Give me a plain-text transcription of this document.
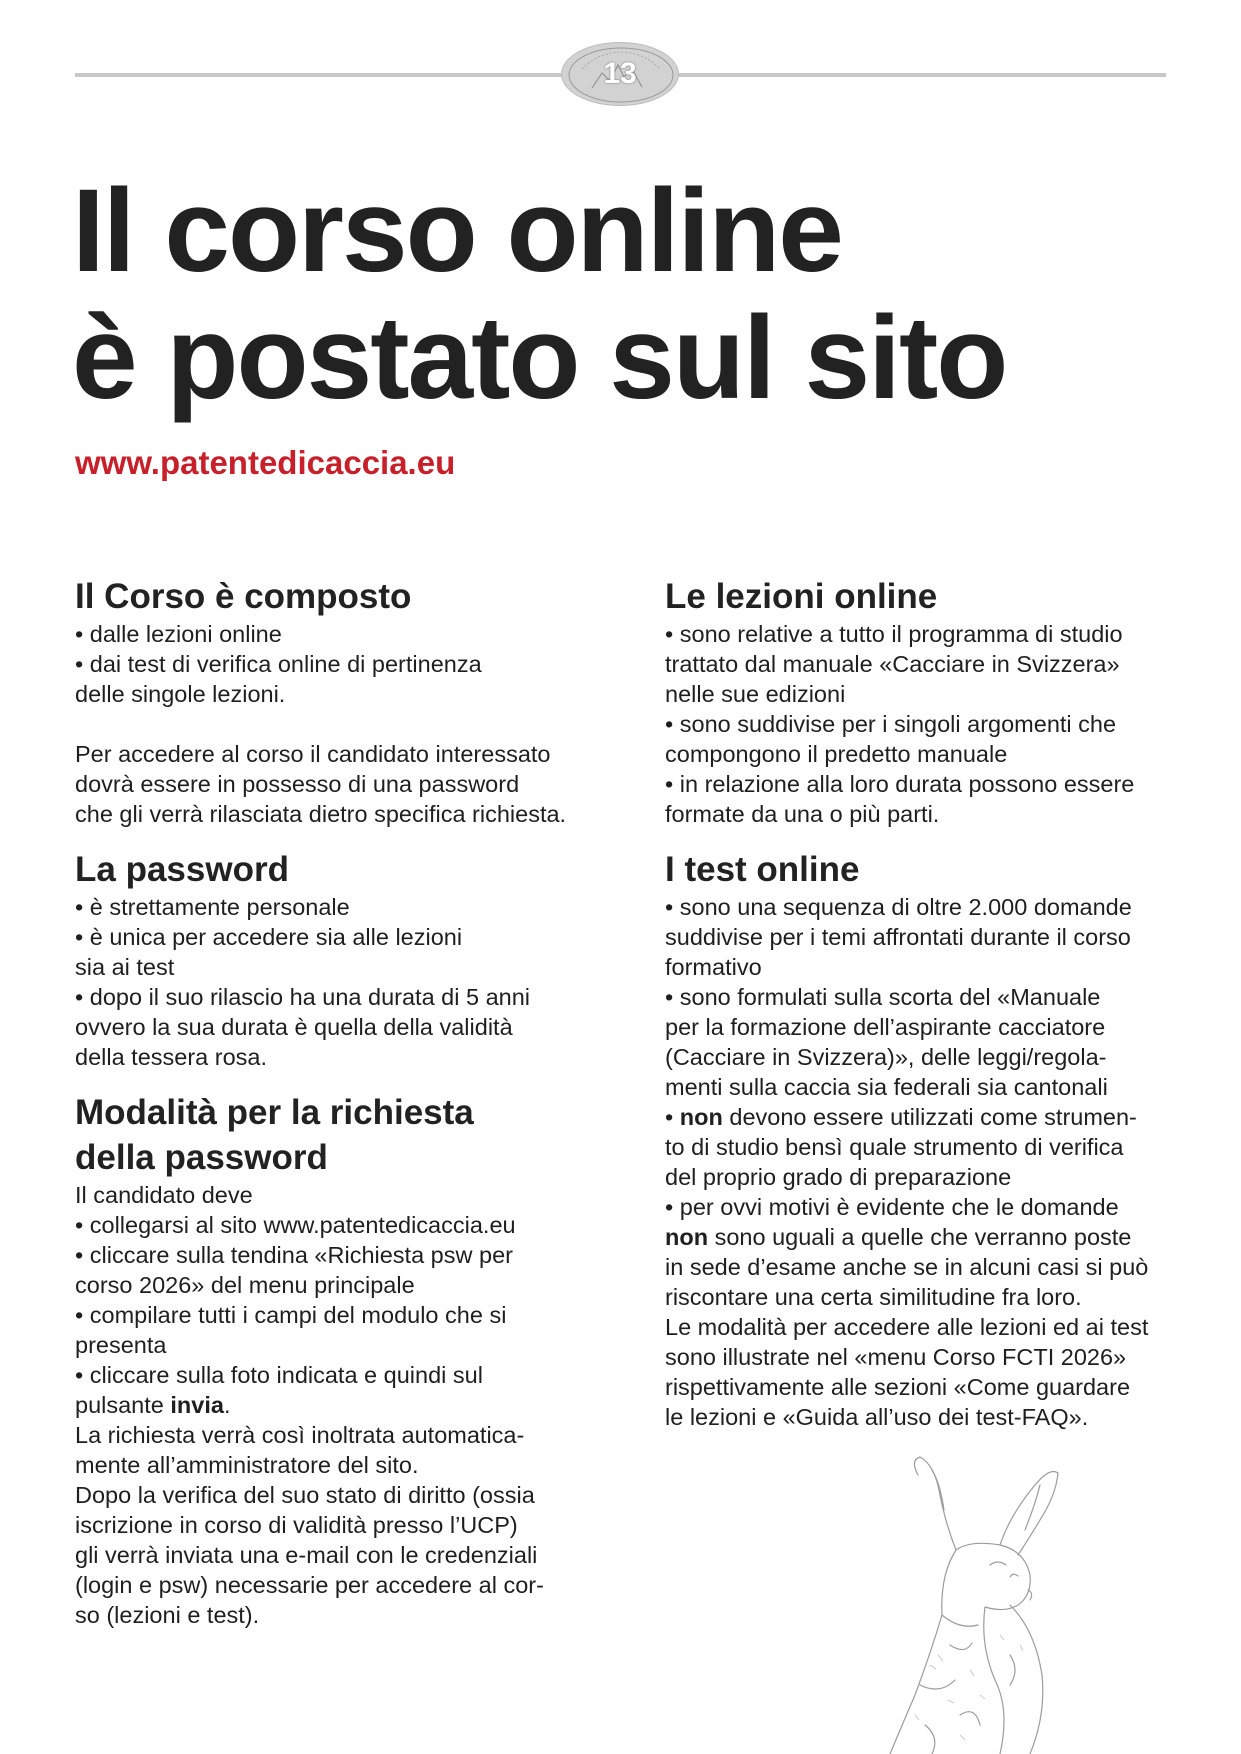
13
Il corso online
è postato sul sito
www.patentedicaccia.eu
Il Corso è composto
• dalle lezioni online
• dai test di verifica online di pertinenza
delle singole lezioni.
Per accedere al corso il candidato interessato
dovrà essere in possesso di una password
che gli verrà rilasciata dietro specifica richiesta.
La password
• è strettamente personale
• è unica per accedere sia alle lezioni
sia ai test
• dopo il suo rilascio ha una durata di 5 anni
ovvero la sua durata è quella della validità
della tessera rosa.
Modalità per la richiesta
della password
Il candidato deve
• collegarsi al sito www.patentedicaccia.eu
• cliccare sulla tendina «Richiesta psw per
corso 2026» del menu principale
• compilare tutti i campi del modulo che si
presenta
• cliccare sulla foto indicata e quindi sul
pulsante invia.
La richiesta verrà così inoltrata automatica-
mente all’amministratore del sito.
Dopo la verifica del suo stato di diritto (ossia
iscrizione in corso di validità presso l’UCP)
gli verrà inviata una e-mail con le credenziali
(login e psw) necessarie per accedere al cor-
so (lezioni e test).
Le lezioni online
• sono relative a tutto il programma di studio
trattato dal manuale «Cacciare in Svizzera»
nelle sue edizioni
• sono suddivise per i singoli argomenti che
compongono il predetto manuale
• in relazione alla loro durata possono essere
formate da una o più parti.
I test online
• sono una sequenza di oltre 2.000 domande
suddivise per i temi affrontati durante il corso
formativo
• sono formulati sulla scorta del «Manuale
per la formazione dell’aspirante cacciatore
(Cacciare in Svizzera)», delle leggi/regola-
menti sulla caccia sia federali sia cantonali
• non devono essere utilizzati come strumen-
to di studio bensì quale strumento di verifica
del proprio grado di preparazione
• per ovvi motivi è evidente che le domande
non sono uguali a quelle che verranno poste
in sede d’esame anche se in alcuni casi si può
riscontare una certa similitudine fra loro.
Le modalità per accedere alle lezioni ed ai test
sono illustrate nel «menu Corso FCTI 2026»
rispettivamente alle sezioni «Come guardare
le lezioni e «Guida all’uso dei test-FAQ».
